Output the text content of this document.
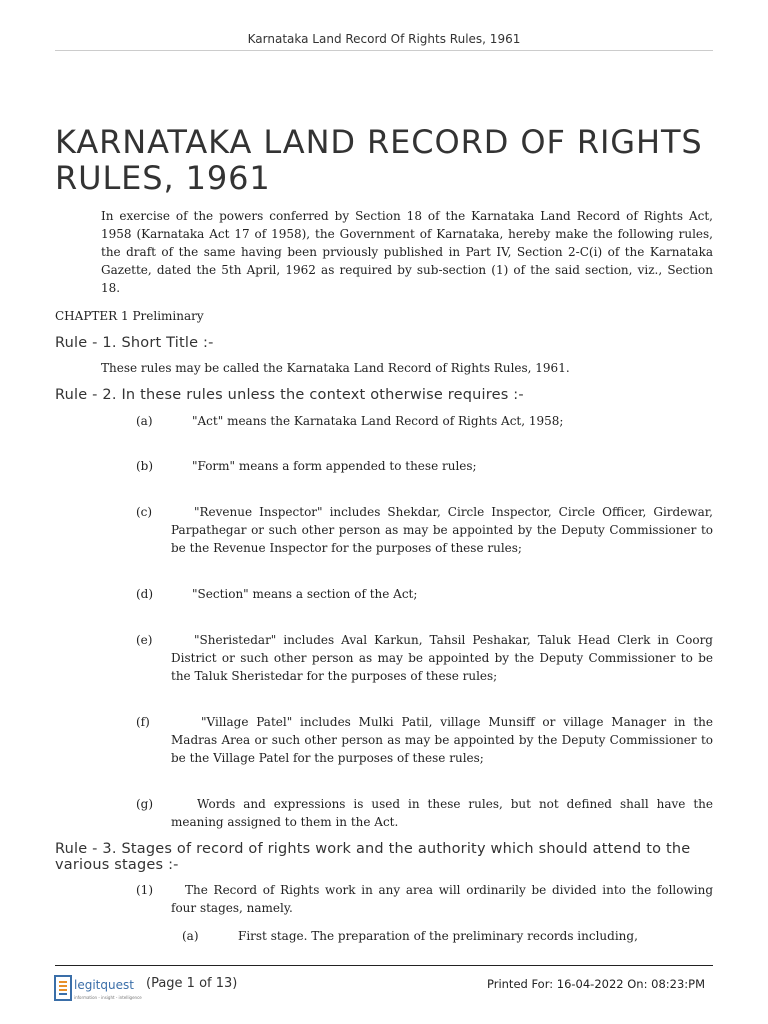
Karnataka Land Record Of Rights Rules, 1961
KARNATAKA LAND RECORD OF RIGHTS RULES, 1961

In exercise of the powers conferred by Section 18 of the Karnataka Land Record of Rights Act, 1958 (Karnataka Act 17 of 1958), the Government of Karnataka, hereby make the following rules, the draft of the same having been prviously published in Part IV, Section 2-C(i) of the Karnataka Gazette, dated the 5th April, 1962 as required by sub-section (1) of the said section, viz., Section 18.

CHAPTER 1 Preliminary
Rule - 1. Short Title :-

These rules may be called the Karnataka Land Record of Rights Rules, 1961.

Rule - 2. In these rules unless the context otherwise requires :-
(a)	"Act" means the Karnataka Land Record of Rights Act, 1958;

(b)	"Form" means a form appended to these rules;

(c)	"Revenue Inspector" includes Shekdar, Circle Inspector, Circle Officer, Girdewar, Parpathegar or such other person as may be appointed by the Deputy Commissioner to be the Revenue Inspector for the purposes of these rules;

(d)	"Section" means a section of the Act;

(e)	"Sheristedar" includes Aval Karkun, Tahsil Peshakar, Taluk Head Clerk in Coorg District or such other person as may be appointed by the Deputy Commissioner to be the Taluk Sheristedar for the purposes of these rules;

(f)	"Village Patel" includes Mulki Patil, village Munsiff or village Manager in the Madras Area or such other person as may be appointed by the Deputy Commissioner to be the Village Patel for the purposes of these rules;

(g)	Words and expressions is used in these rules, but not defined shall have the meaning assigned to them in the Act.

Rule - 3. Stages of record of rights work and the authority which should attend to the various stages :-
(1)	The Record of Rights work in any area will ordinarily be divided into the following four stages, namely.

(a)	First stage. The preparation of the preliminary records including,

legitquest
information - insight - intelligence
(Page 1 of 13)	Printed For: 16-04-2022 On: 08:23:PM
